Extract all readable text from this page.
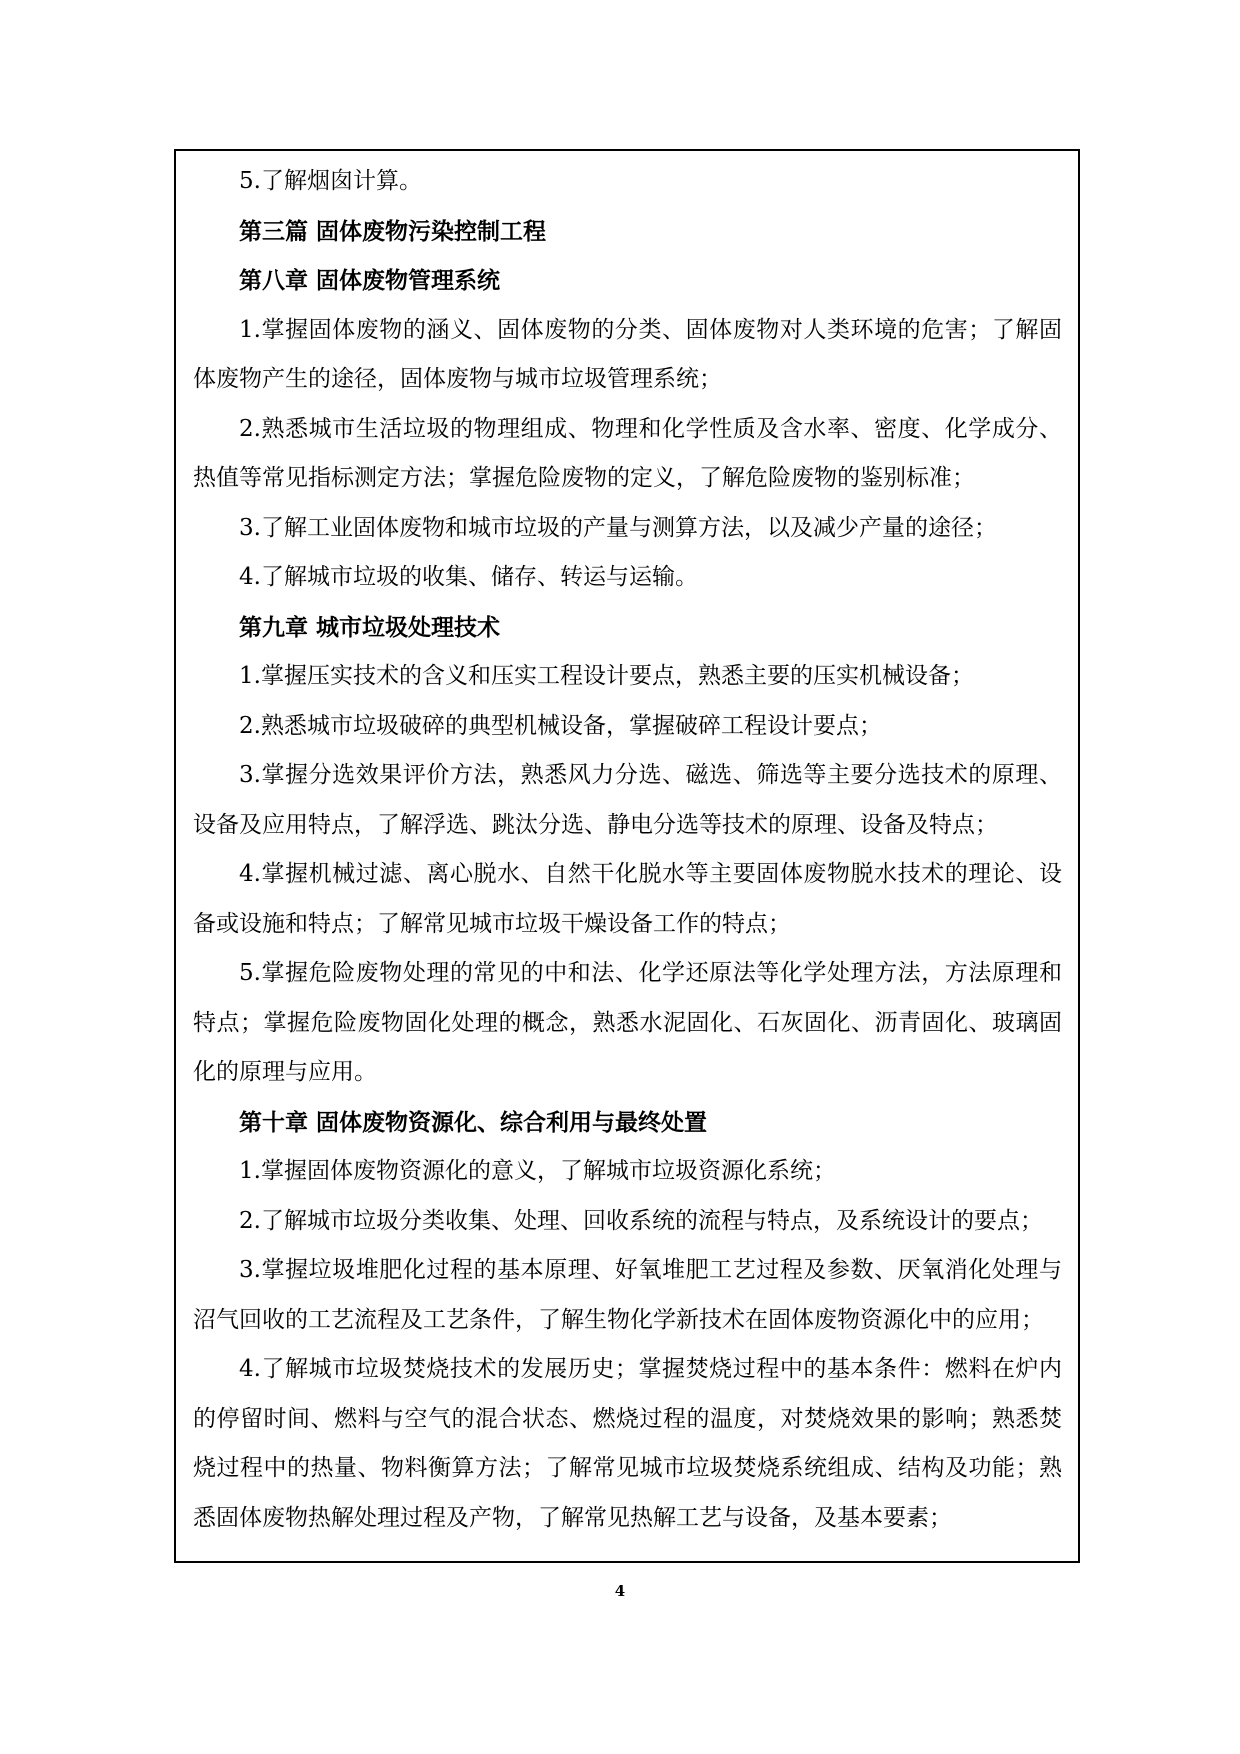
5.了解烟囱计算。

第三篇 固体废物污染控制工程

第八章 固体废物管理系统

1.掌握固体废物的涵义、固体废物的分类、固体废物对人类环境的危害；了解固体废物产生的途径，固体废物与城市垃圾管理系统；

2.熟悉城市生活垃圾的物理组成、物理和化学性质及含水率、密度、化学成分、热值等常见指标测定方法；掌握危险废物的定义，了解危险废物的鉴别标准；

3.了解工业固体废物和城市垃圾的产量与测算方法，以及减少产量的途径；

4.了解城市垃圾的收集、储存、转运与运输。

第九章 城市垃圾处理技术

1.掌握压实技术的含义和压实工程设计要点，熟悉主要的压实机械设备；

2.熟悉城市垃圾破碎的典型机械设备，掌握破碎工程设计要点；

3.掌握分选效果评价方法，熟悉风力分选、磁选、筛选等主要分选技术的原理、设备及应用特点，了解浮选、跳汰分选、静电分选等技术的原理、设备及特点；

4.掌握机械过滤、离心脱水、自然干化脱水等主要固体废物脱水技术的理论、设备或设施和特点；了解常见城市垃圾干燥设备工作的特点；

5.掌握危险废物处理的常见的中和法、化学还原法等化学处理方法，方法原理和特点；掌握危险废物固化处理的概念，熟悉水泥固化、石灰固化、沥青固化、玻璃固化的原理与应用。

第十章 固体废物资源化、综合利用与最终处置

1.掌握固体废物资源化的意义，了解城市垃圾资源化系统；

2.了解城市垃圾分类收集、处理、回收系统的流程与特点，及系统设计的要点；

3.掌握垃圾堆肥化过程的基本原理、好氧堆肥工艺过程及参数、厌氧消化处理与沼气回收的工艺流程及工艺条件，了解生物化学新技术在固体废物资源化中的应用；

4.了解城市垃圾焚烧技术的发展历史；掌握焚烧过程中的基本条件：燃料在炉内的停留时间、燃料与空气的混合状态、燃烧过程的温度，对焚烧效果的影响；熟悉焚烧过程中的热量、物料衡算方法；了解常见城市垃圾焚烧系统组成、结构及功能；熟悉固体废物热解处理过程及产物，了解常见热解工艺与设备，及基本要素；

4
